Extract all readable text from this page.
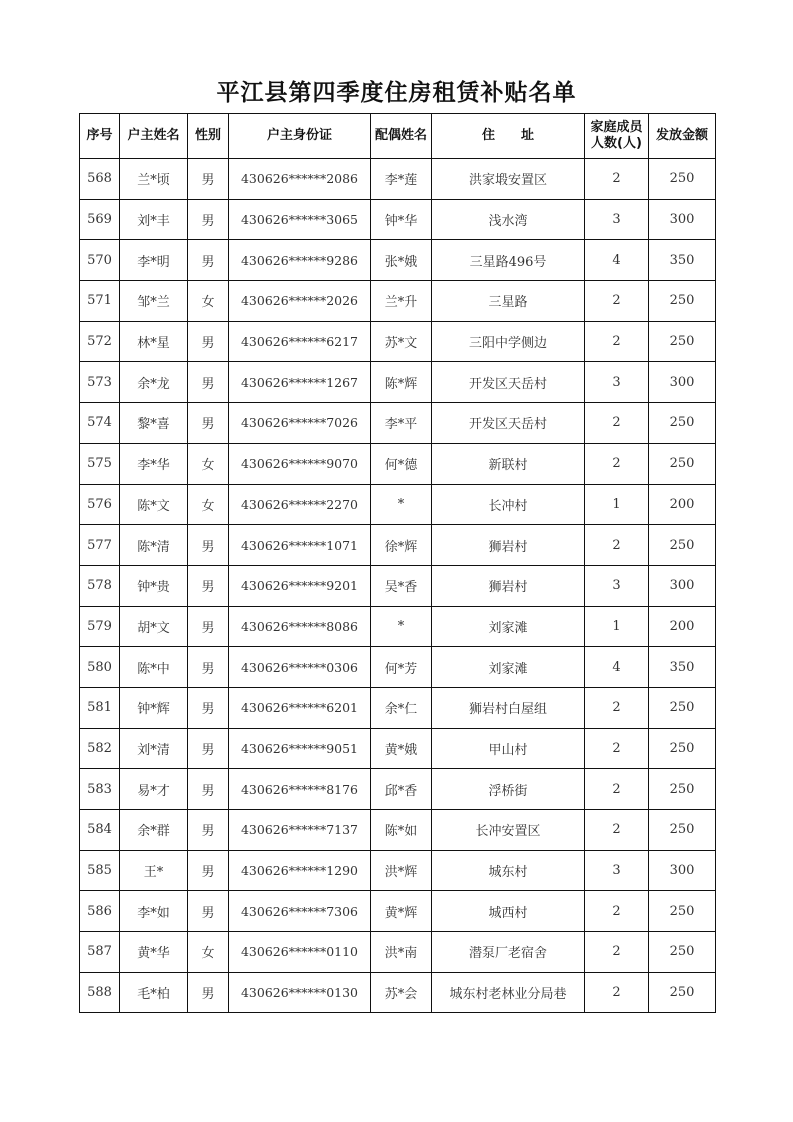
平江县第四季度住房租赁补贴名单
序号	户主姓名	性别	户主身份证	配偶姓名	住　　址	家庭成员人数(人)	发放金额
568	兰*顷	男	430626******2086	李*莲	洪家塅安置区	2	250
569	刘*丰	男	430626******3065	钟*华	浅水湾	3	300
570	李*明	男	430626******9286	张*娥	三星路496号	4	350
571	邹*兰	女	430626******2026	兰*升	三星路	2	250
572	林*星	男	430626******6217	苏*文	三阳中学侧边	2	250
573	余*龙	男	430626******1267	陈*辉	开发区天岳村	3	300
574	黎*喜	男	430626******7026	李*平	开发区天岳村	2	250
575	李*华	女	430626******9070	何*德	新联村	2	250
576	陈*文	女	430626******2270	*	长冲村	1	200
577	陈*清	男	430626******1071	徐*辉	狮岩村	2	250
578	钟*贵	男	430626******9201	吴*香	狮岩村	3	300
579	胡*文	男	430626******8086	*	刘家滩	1	200
580	陈*中	男	430626******0306	何*芳	刘家滩	4	350
581	钟*辉	男	430626******6201	余*仁	狮岩村白屋组	2	250
582	刘*清	男	430626******9051	黄*娥	甲山村	2	250
583	易*才	男	430626******8176	邱*香	浮桥街	2	250
584	余*群	男	430626******7137	陈*如	长冲安置区	2	250
585	王*	男	430626******1290	洪*辉	城东村	3	300
586	李*如	男	430626******7306	黄*辉	城西村	2	250
587	黄*华	女	430626******0110	洪*南	潜泵厂老宿舍	2	250
588	毛*柏	男	430626******0130	苏*会	城东村老林业分局巷	2	250
